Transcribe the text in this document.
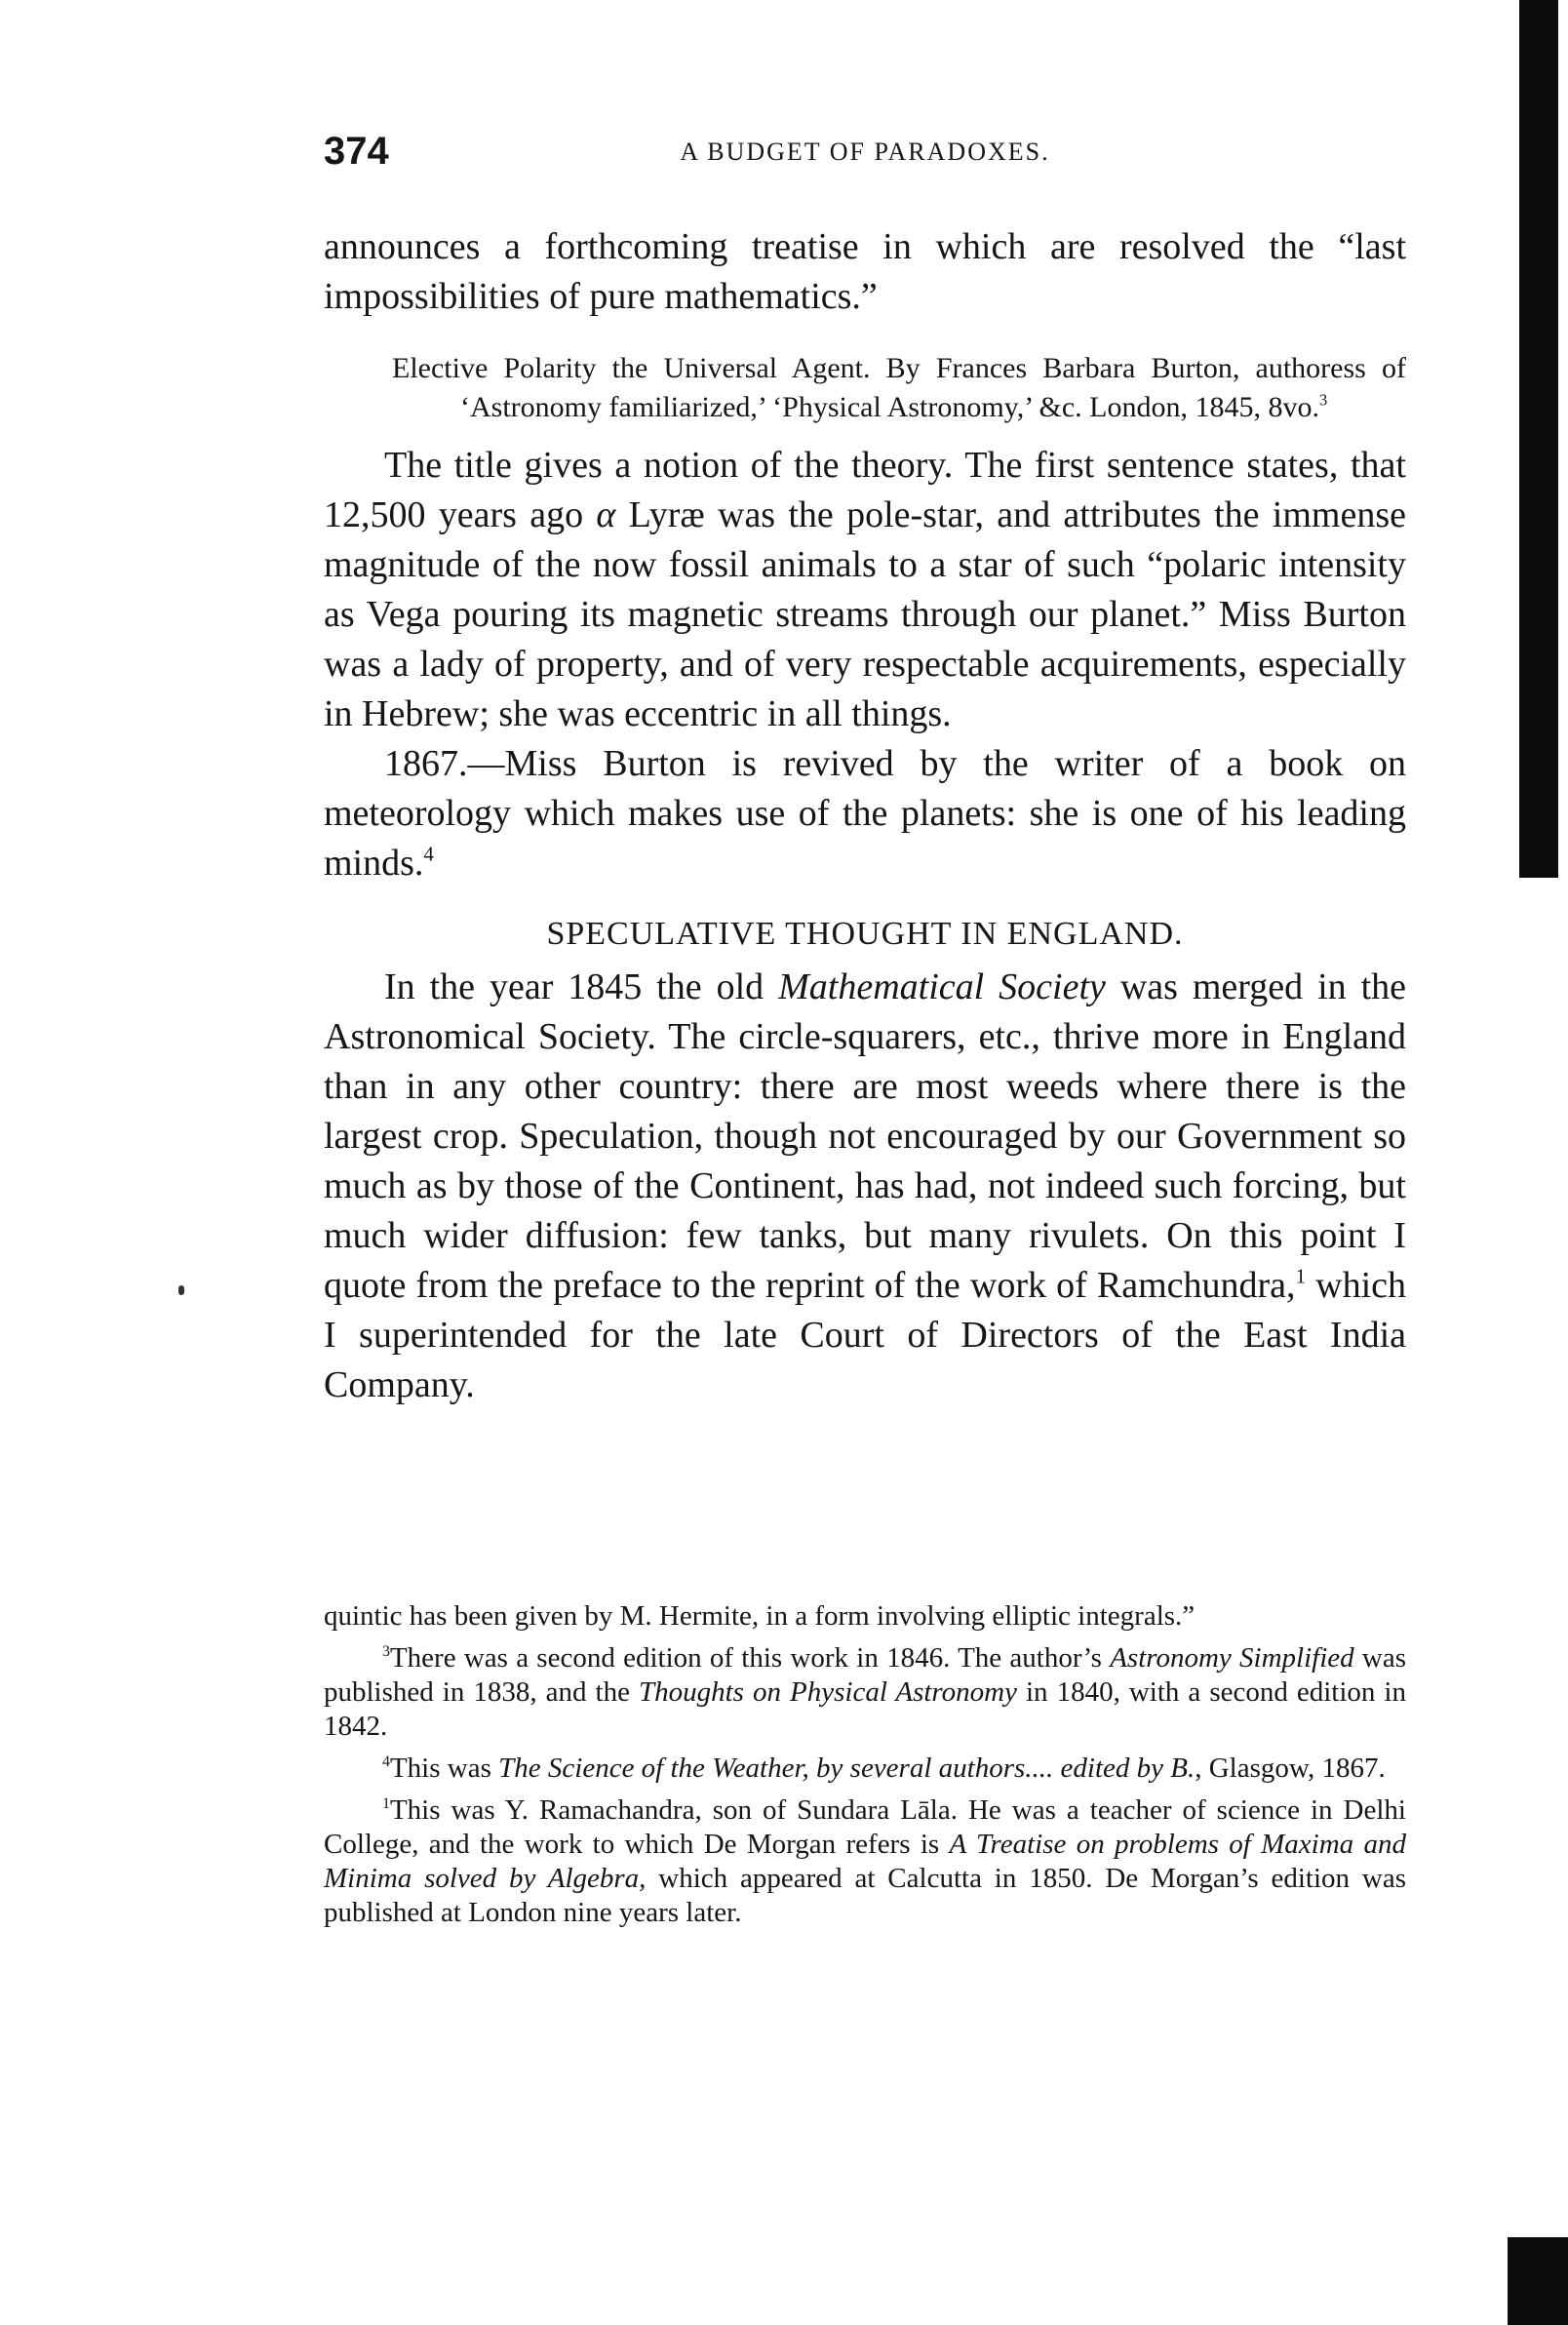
374	A BUDGET OF PARADOXES.

announces a forthcoming treatise in which are resolved the “last impossibilities of pure mathematics.”

Elective Polarity the Universal Agent. By Frances Barbara Burton, authoress of ‘Astronomy familiarized,’ ‘Physical Astronomy,’ &c. London, 1845, 8vo.$^3$

The title gives a notion of the theory. The first sentence states, that 12,500 years ago α Lyræ was the pole-star, and attributes the immense magnitude of the now fossil animals to a star of such “polaric intensity as Vega pouring its magnetic streams through our planet.” Miss Burton was a lady of property, and of very respectable acquirements, especially in Hebrew; she was eccentric in all things.

1867.—Miss Burton is revived by the writer of a book on meteorology which makes use of the planets: she is one of his leading minds.$^4$

SPECULATIVE THOUGHT IN ENGLAND.

In the year 1845 the old Mathematical Society was merged in the Astronomical Society. The circle-squarers, etc., thrive more in England than in any other country: there are most weeds where there is the largest crop. Speculation, though not encouraged by our Government so much as by those of the Continent, has had, not indeed such forcing, but much wider diffusion: few tanks, but many rivulets. On this point I quote from the preface to the reprint of the work of Ramchundra,$^1$ which I superintended for the late Court of Directors of the East India Company.

quintic has been given by M. Hermite, in a form involving elliptic integrals.”

$^3$There was a second edition of this work in 1846. The author’s Astronomy Simplified was published in 1838, and the Thoughts on Physical Astronomy in 1840, with a second edition in 1842.

$^4$This was The Science of the Weather, by several authors.... edited by B., Glasgow, 1867.

$^1$This was Y. Ramachandra, son of Sundara Lāla. He was a teacher of science in Delhi College, and the work to which De Morgan refers is A Treatise on problems of Maxima and Minima solved by Algebra, which appeared at Calcutta in 1850. De Morgan’s edition was published at London nine years later.
